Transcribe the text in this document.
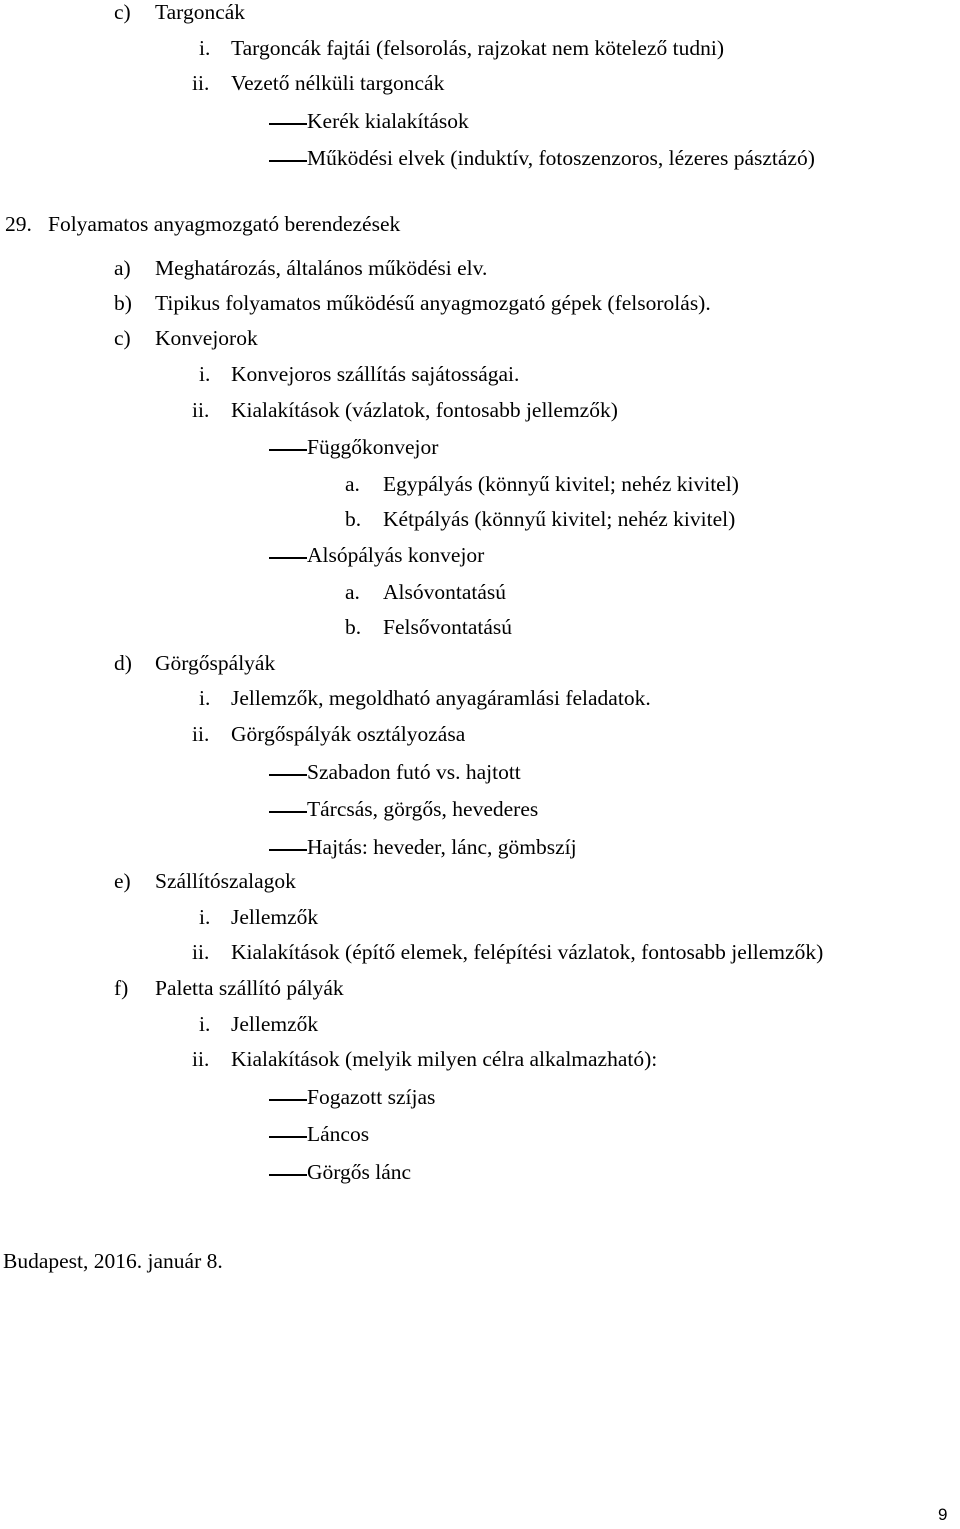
c) Targoncák
i. Targoncák fajtái (felsorolás, rajzokat nem kötelező tudni)
ii. Vezető nélküli targoncák
Kerék kialakítások
Működési elvek (induktív, fotoszenzoros, lézeres pásztázó)
29. Folyamatos anyagmozgató berendezések
a) Meghatározás, általános működési elv.
b) Tipikus folyamatos működésű anyagmozgató gépek (felsorolás).
c) Konvejorok
i. Konvejoros szállítás sajátosságai.
ii. Kialakítások (vázlatok, fontosabb jellemzők)
Függőkonvejor
a. Egypályás (könnyű kivitel; nehéz kivitel)
b. Kétpályás (könnyű kivitel; nehéz kivitel)
Alsópályás konvejor
a. Alsóvontatású
b. Felsővontatású
d) Görgőspályák
i. Jellemzők, megoldható anyagáramlási feladatok.
ii. Görgőspályák osztályozása
Szabadon futó vs. hajtott
Tárcsás, görgős, hevederes
Hajtás: heveder, lánc, gömbszíj
e) Szállítószalagok
i. Jellemzők
ii. Kialakítások (építő elemek, felépítési vázlatok, fontosabb jellemzők)
f) Paletta szállító pályák
i. Jellemzők
ii. Kialakítások (melyik milyen célra alkalmazható):
Fogazott szíjas
Láncos
Görgős lánc
Budapest, 2016. január 8.
9
